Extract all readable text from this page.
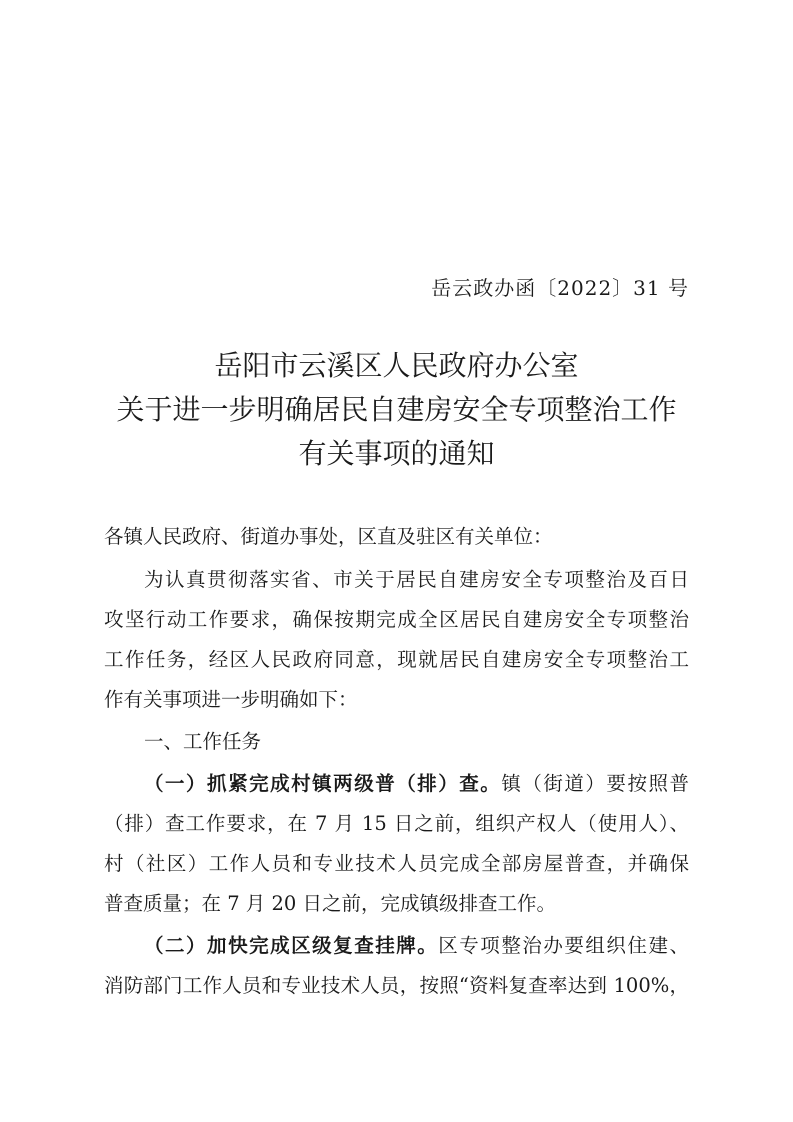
岳云政办函〔2022〕31 号
岳阳市云溪区人民政府办公室
关于进一步明确居民自建房安全专项整治工作
有关事项的通知
各镇人民政府、街道办事处，区直及驻区有关单位：
为认真贯彻落实省、市关于居民自建房安全专项整治及百日
攻坚行动工作要求，确保按期完成全区居民自建房安全专项整治
工作任务，经区人民政府同意，现就居民自建房安全专项整治工
作有关事项进一步明确如下：
一、工作任务
（一）抓紧完成村镇两级普（排）查。镇（街道）要按照普
（排）查工作要求，在 7 月 15 日之前，组织产权人（使用人）、
村（社区）工作人员和专业技术人员完成全部房屋普查，并确保
普查质量；在 7 月 20 日之前，完成镇级排查工作。
（二）加快完成区级复查挂牌。区专项整治办要组织住建、
消防部门工作人员和专业技术人员，按照“资料复查率达到 100%，
